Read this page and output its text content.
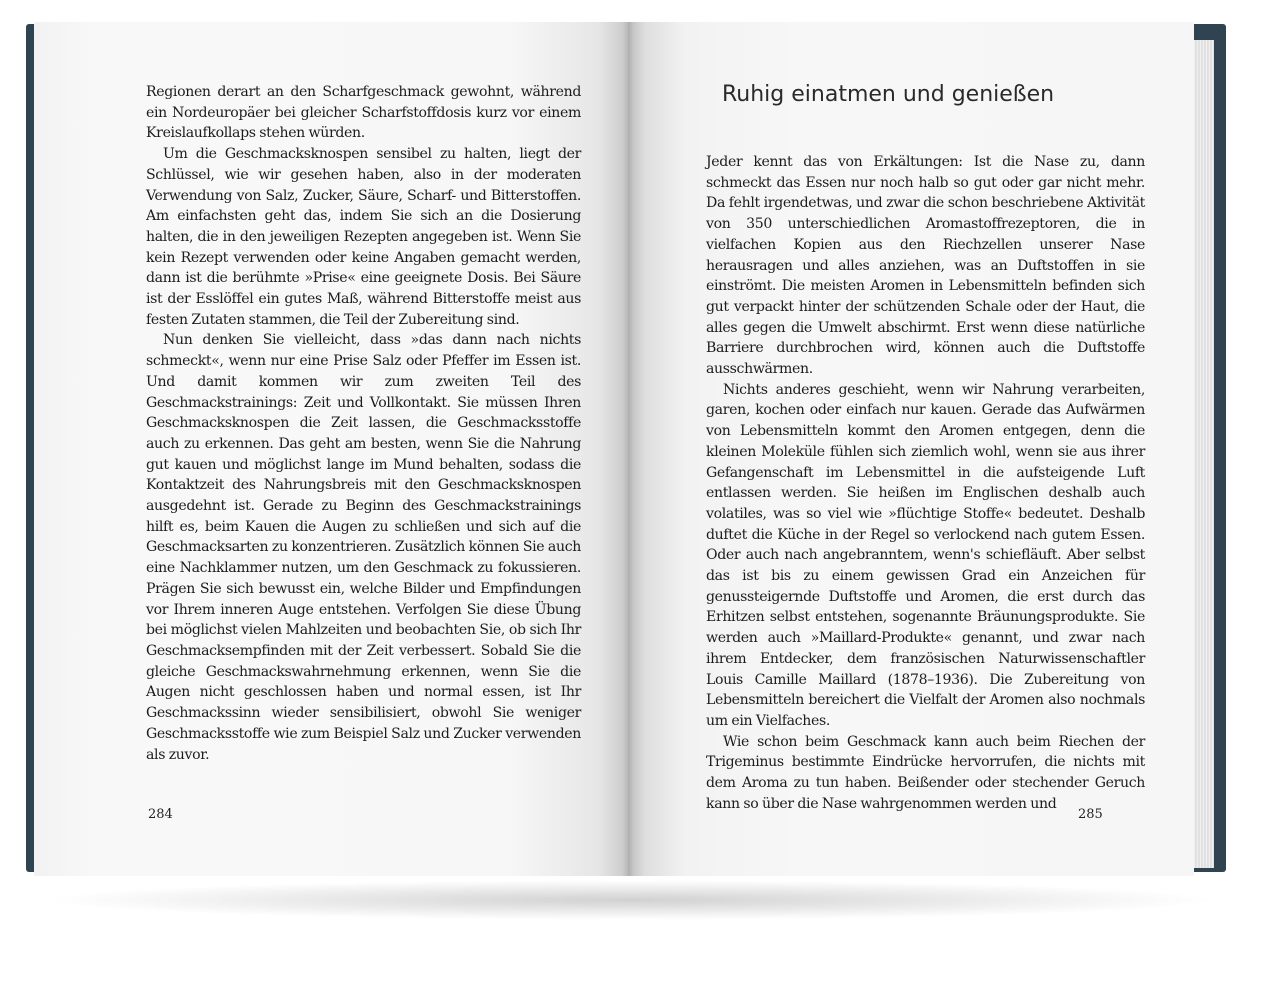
Regionen derart an den Scharfgeschmack gewohnt, während ein Nordeuropäer bei gleicher Scharfstoffdosis kurz vor einem Kreislaufkollaps stehen würden.

Um die Geschmacksknospen sensibel zu halten, liegt der Schlüssel, wie wir gesehen haben, also in der moderaten Verwendung von Salz, Zucker, Säure, Scharf- und Bitterstoffen. Am einfachsten geht das, indem Sie sich an die Dosierung halten, die in den jeweiligen Rezepten angegeben ist. Wenn Sie kein Rezept verwenden oder keine Angaben gemacht werden, dann ist die berühmte »Prise« eine geeignete Dosis. Bei Säure ist der Esslöffel ein gutes Maß, während Bitterstoffe meist aus festen Zutaten stammen, die Teil der Zubereitung sind.

Nun denken Sie vielleicht, dass »das dann nach nichts schmeckt«, wenn nur eine Prise Salz oder Pfeffer im Essen ist. Und damit kommen wir zum zweiten Teil des Geschmackstrainings: Zeit und Vollkontakt. Sie müssen Ihren Geschmacksknospen die Zeit lassen, die Geschmacksstoffe auch zu erkennen. Das geht am besten, wenn Sie die Nahrung gut kauen und möglichst lange im Mund behalten, sodass die Kontaktzeit des Nahrungsbreis mit den Geschmacksknospen ausgedehnt ist. Gerade zu Beginn des Geschmackstrainings hilft es, beim Kauen die Augen zu schließen und sich auf die Geschmacksarten zu konzentrieren. Zusätzlich können Sie auch eine Nachklammer nutzen, um den Geschmack zu fokussieren. Prägen Sie sich bewusst ein, welche Bilder und Empfindungen vor Ihrem inneren Auge entstehen. Verfolgen Sie diese Übung bei möglichst vielen Mahlzeiten und beobachten Sie, ob sich Ihr Geschmacksempfinden mit der Zeit verbessert. Sobald Sie die gleiche Geschmackswahrnehmung erkennen, wenn Sie die Augen nicht geschlossen haben und normal essen, ist Ihr Geschmackssinn wieder sensibilisiert, obwohl Sie weniger Geschmacksstoffe wie zum Beispiel Salz und Zucker verwenden als zuvor.

284
Ruhig einatmen und genießen

Jeder kennt das von Erkältungen: Ist die Nase zu, dann schmeckt das Essen nur noch halb so gut oder gar nicht mehr. Da fehlt irgendetwas, und zwar die schon beschriebene Aktivität von 350 unterschiedlichen Aromastoffrezeptoren, die in vielfachen Kopien aus den Riechzellen unserer Nase herausragen und alles anziehen, was an Duftstoffen in sie einströmt. Die meisten Aromen in Lebensmitteln befinden sich gut verpackt hinter der schützenden Schale oder der Haut, die alles gegen die Umwelt abschirmt. Erst wenn diese natürliche Barriere durchbrochen wird, können auch die Duftstoffe ausschwärmen.

Nichts anderes geschieht, wenn wir Nahrung verarbeiten, garen, kochen oder einfach nur kauen. Gerade das Aufwärmen von Lebensmitteln kommt den Aromen entgegen, denn die kleinen Moleküle fühlen sich ziemlich wohl, wenn sie aus ihrer Gefangenschaft im Lebensmittel in die aufsteigende Luft entlassen werden. Sie heißen im Englischen deshalb auch volatiles, was so viel wie »flüchtige Stoffe« bedeutet. Deshalb duftet die Küche in der Regel so verlockend nach gutem Essen. Oder auch nach angebranntem, wenn's schiefläuft. Aber selbst das ist bis zu einem gewissen Grad ein Anzeichen für genussteigernde Duftstoffe und Aromen, die erst durch das Erhitzen selbst entstehen, sogenannte Bräunungsprodukte. Sie werden auch »Maillard-Produkte« genannt, und zwar nach ihrem Entdecker, dem französischen Naturwissenschaftler Louis Camille Maillard (1878–1936). Die Zubereitung von Lebensmitteln bereichert die Vielfalt der Aromen also nochmals um ein Vielfaches.

Wie schon beim Geschmack kann auch beim Riechen der Trigeminus bestimmte Eindrücke hervorrufen, die nichts mit dem Aroma zu tun haben. Beißender oder stechender Geruch kann so über die Nase wahrgenommen werden und

285
